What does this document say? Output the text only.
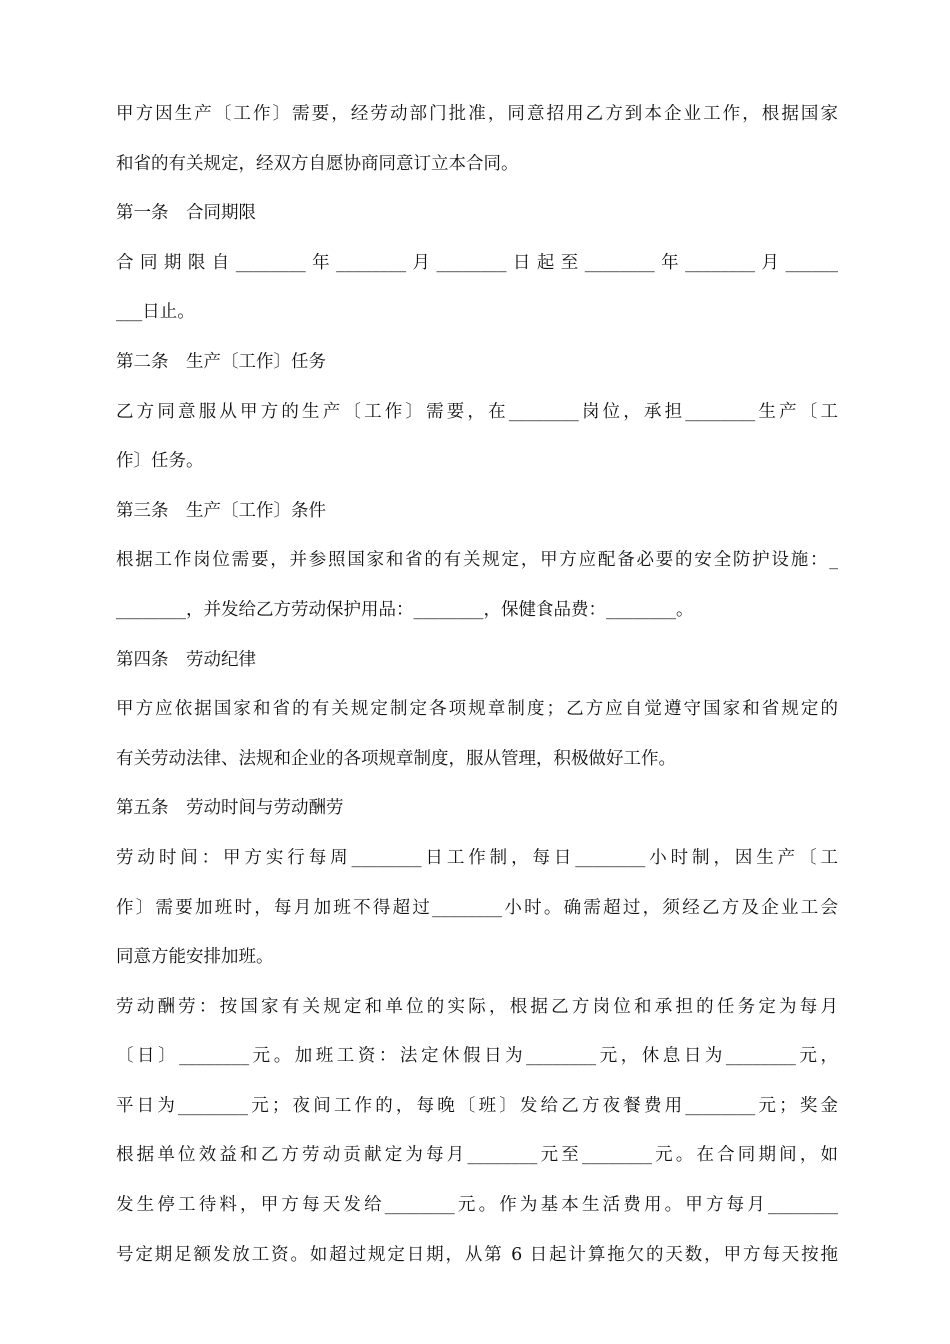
甲方因生产〔工作〕需要，经劳动部门批准，同意招用乙方到本企业工作，根据国家
和省的有关规定，经双方自愿协商同意订立本合同。
第一条　合同期限
合同期限自________年________月________日起至________年________月______
___日止。
第二条　生产〔工作〕任务
乙方同意服从甲方的生产〔工作〕需要，在________岗位，承担________生产〔工
作〕任务。
第三条　生产〔工作〕条件
根据工作岗位需要，并参照国家和省的有关规定，甲方应配备必要的安全防护设施：_
________，并发给乙方劳动保护用品：________，保健食品费：________。
第四条　劳动纪律
甲方应依据国家和省的有关规定制定各项规章制度；乙方应自觉遵守国家和省规定的
有关劳动法律、法规和企业的各项规章制度，服从管理，积极做好工作。
第五条　劳动时间与劳动酬劳
劳动时间：甲方实行每周________日工作制，每日________小时制，因生产〔工
作〕需要加班时，每月加班不得超过________小时。确需超过，须经乙方及企业工会
同意方能安排加班。
劳动酬劳：按国家有关规定和单位的实际，根据乙方岗位和承担的任务定为每月
〔日〕________元。加班工资：法定休假日为________元，休息日为________元，
平日为________元；夜间工作的，每晚〔班〕发给乙方夜餐费用________元；奖金
根据单位效益和乙方劳动贡献定为每月________元至________元。在合同期间，如
发生停工待料，甲方每天发给________元。作为基本生活费用。甲方每月________
号定期足额发放工资。如超过规定日期，从第 6 日起计算拖欠的天数，甲方每天按拖
